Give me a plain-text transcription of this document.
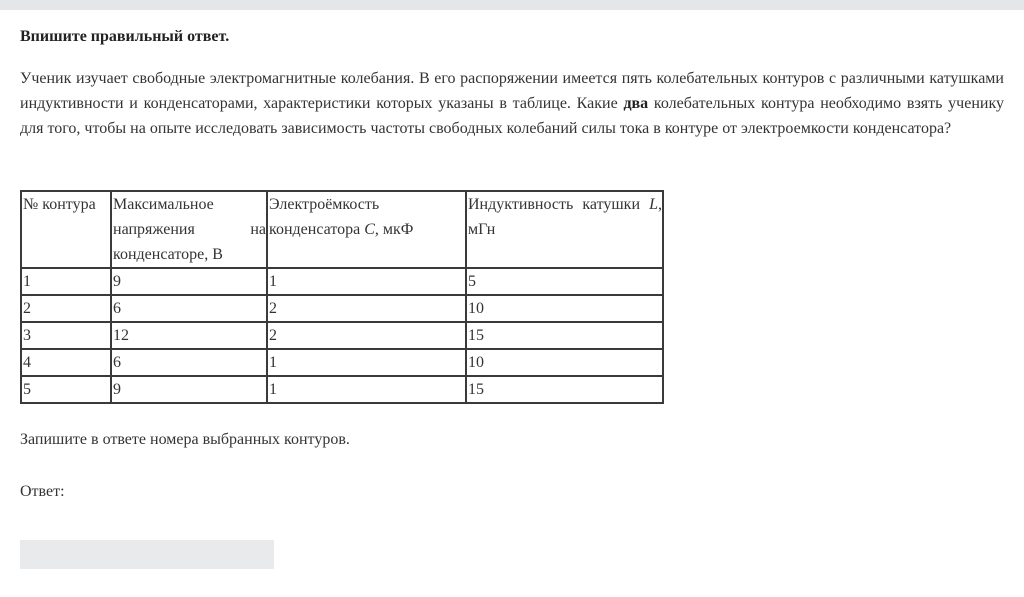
Впишите правильный ответ.

Ученик изучает свободные электромагнитные колебания. В его распоряжении имеется пять колебательных контуров с различными катушками индуктивности и конденсаторами, характеристики которых указаны в таблице. Какие два колебательных контура необходимо взять ученику для того, чтобы на опыте исследовать зависимость частоты свободных колебаний силы тока в контуре от электроемкости конденсатора?

№ контура	Максимальное напряжения на конденсаторе, В	Электроёмкость конденсатора C, мкФ	Индуктивность катушки L, мГн
1	9	1	5
2	6	2	10
3	12	2	15
4	6	1	10
5	9	1	15

Запишите в ответе номера выбранных контуров.

Ответ:
